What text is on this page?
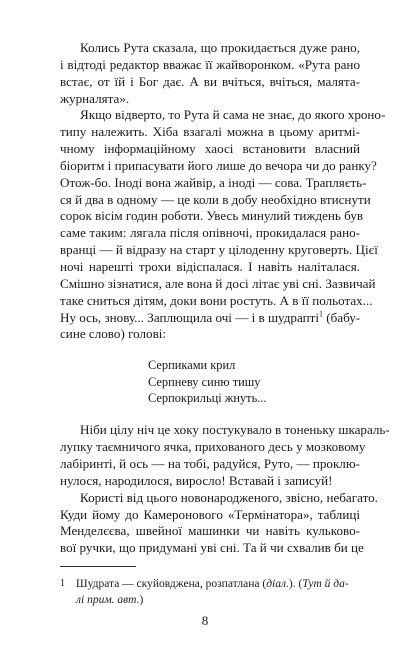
Колись Рута сказала, що прокидається дуже рано,
і відтоді редактор вважає її жайворонком. «Рута рано
встає, от їй і Бог дає. А ви вчіться, вчіться, малята-
журналята».

Якщо відверто, то Рута й сама не знає, до якого хроно-
типу належить. Хіба взагалі можна в цьому аритмі-
чному інформаційному хаосі встановити власний
біоритм і припасувати його лише до вечора чи до ранку?
Отож-бо. Іноді вона жайвір, а іноді — сова. Трапляєть-
ся й два в одному — це коли в добу необхідно втиснути
сорок вісім годин роботи. Увесь минулий тиждень був
саме таким: лягала після опівночі, прокидалася рано-
вранці — й відразу на старт у цілоденну круговерть. Цієї
ночі нарешті трохи відіспалася. І навіть наліталася.
Смішно зізнатися, але вона й досі літає уві сні. Зазвичай
таке сниться дітям, доки вони ростуть. А в її польотах...
Ну ось, знову... Заплющила очі — і в шудрапті$^1$ (бабу-
сине слово) голові:

Серпиками крил
Серпневу синю тишу
Серпокрильці жнуть...

Ніби цілу ніч це хоку постукувало в тоненьку шкараль-
лупку таємничого ячка, прихованого десь у мозковому
лабіринті, й ось — на тобі, радуйся, Руто, — проклю-
нулося, народилося, виросло! Вставай і записуй!

Користі від цього новонародженого, звісно, небагато.
Куди йому до Камеронового «Термінатора», таблиці
Менделєєва, швейної машинки чи навіть кульково-
вої ручки, що придумані уві сні. Та й чи схвалив би це

1 Шудрата — скуйовджена, розпатлана (діал.). (Тут й да-
лі прим. авт.)
8
